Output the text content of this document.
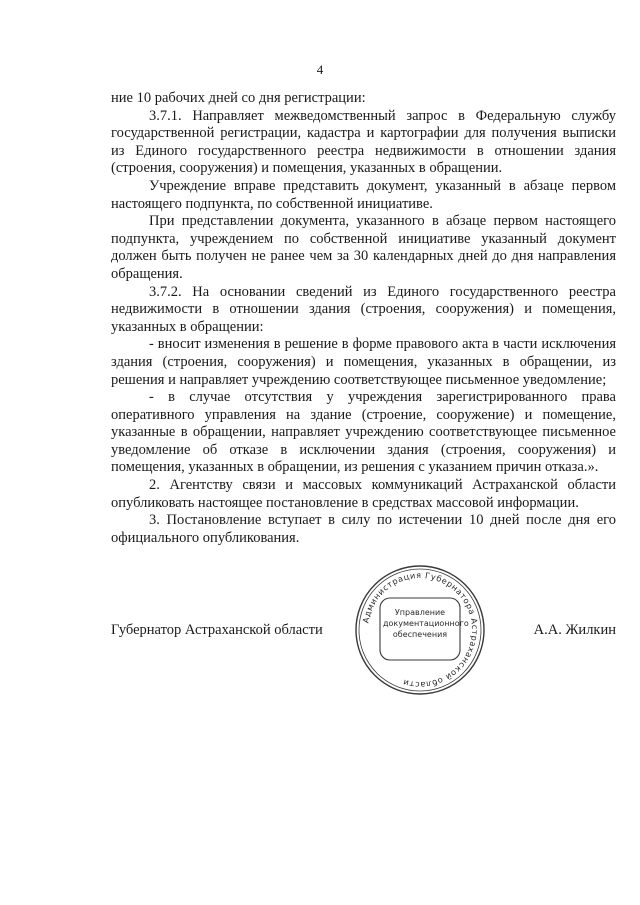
4

ние 10 рабочих дней со дня регистрации:

3.7.1. Направляет межведомственный запрос в Федеральную службу государственной регистрации, кадастра и картографии для получения выписки из Единого государственного реестра недвижимости в отношении здания (строения, сооружения) и помещения, указанных в обращении.

Учреждение вправе представить документ, указанный в абзаце первом настоящего подпункта, по собственной инициативе.

При представлении документа, указанного в абзаце первом настоящего подпункта, учреждением по собственной инициативе указанный документ должен быть получен не ранее чем за 30 календарных дней до дня направления обращения.

3.7.2. На основании сведений из Единого государственного реестра недвижимости в отношении здания (строения, сооружения) и помещения, указанных в обращении:

- вносит изменения в решение в форме правового акта в части исключения здания (строения, сооружения) и помещения, указанных в обращении, из решения и направляет учреждению соответствующее письменное уведомление;

- в случае отсутствия у учреждения зарегистрированного права оперативного управления на здание (строение, сооружение) и помещение, указанные в обращении, направляет учреждению соответствующее письменное уведомление об отказе в исключении здания (строения, сооружения) и помещения, указанных в обращении, из решения с указанием причин отказа.».

2. Агентству связи и массовых коммуникаций Астраханской области опубликовать настоящее постановление в средствах массовой информации.

3. Постановление вступает в силу по истечении 10 дней после дня его официального опубликования.

Администрация Губернатора Астраханской области
Управление
документационного
обеспечения
Губернатор Астраханской области	А.А. Жилкин
